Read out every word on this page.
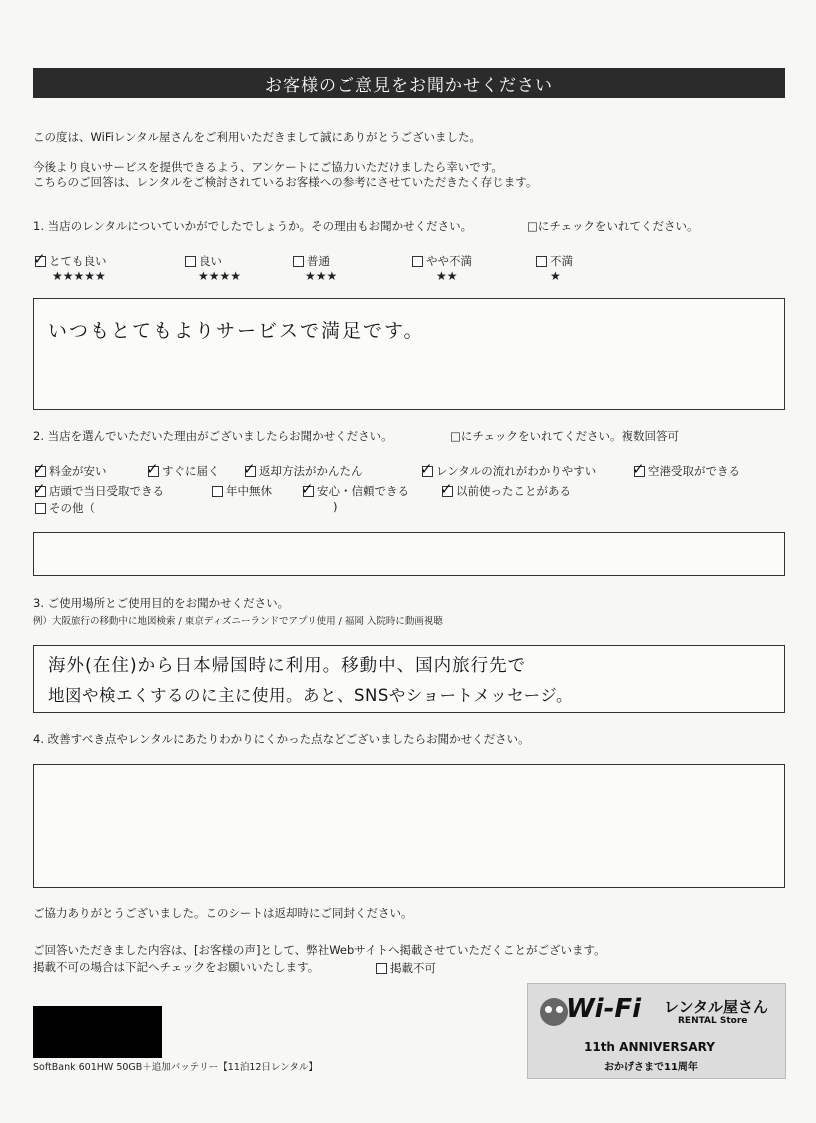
お客様のご意見をお聞かせください
この度は、WiFiレンタル屋さんをご利用いただきまして誠にありがとうございました。
今後より良いサービスを提供できるよう、アンケートにご協力いただけましたら幸いです。
こちらのご回答は、レンタルをご検討されているお客様への参考にさせていただきたく存じます。
1. 当店のレンタルについていかがでしたでしょうか。その理由もお聞かせください。	□にチェックをいれてください。
✓ とても良い
★★★★★
良い
★★★★
普通
★★★
やや不満
★★
不満
★
いつもとてもよりサービスで満足です。
2. 当店を選んでいただいた理由がございましたらお聞かせください。	□にチェックをいれてください。複数回答可
✓ 料金が安い	✓ すぐに届く ✓ 返却方法がかんたん	✓ レンタルの流れがわかりやすい ✓ 空港受取ができる
✓ 店頭で当日受取できる	年中無休 ✓ 安心・信頼できる ✓ 以前使ったことがある
その他（	)
3. ご使用場所とご使用目的をお聞かせください。
例）大阪旅行の移動中に地図検索 / 東京ディズニーランドでアプリ使用 / 福岡 入院時に動画視聴
海外(在住)から日本帰国時に利用。移動中、国内旅行先で
地図や検エくするのに主に使用。あと、SNSやショートメッセージ。
4. 改善すべき点やレンタルにあたりわかりにくかった点などございましたらお聞かせください。
ご協力ありがとうございました。このシートは返却時にご同封ください。
ご回答いただきました内容は、[お客様の声]として、弊社Webサイトへ掲載させていただくことがございます。
掲載不可の場合は下記へチェックをお願いいたします。	掲載不可
SoftBank 601HW 50GB＋追加バッテリー【11泊12日レンタル】
Wi-Fi レンタル屋さん
RENTAL Store
11th ANNIVERSARY
おかげさまで11周年
